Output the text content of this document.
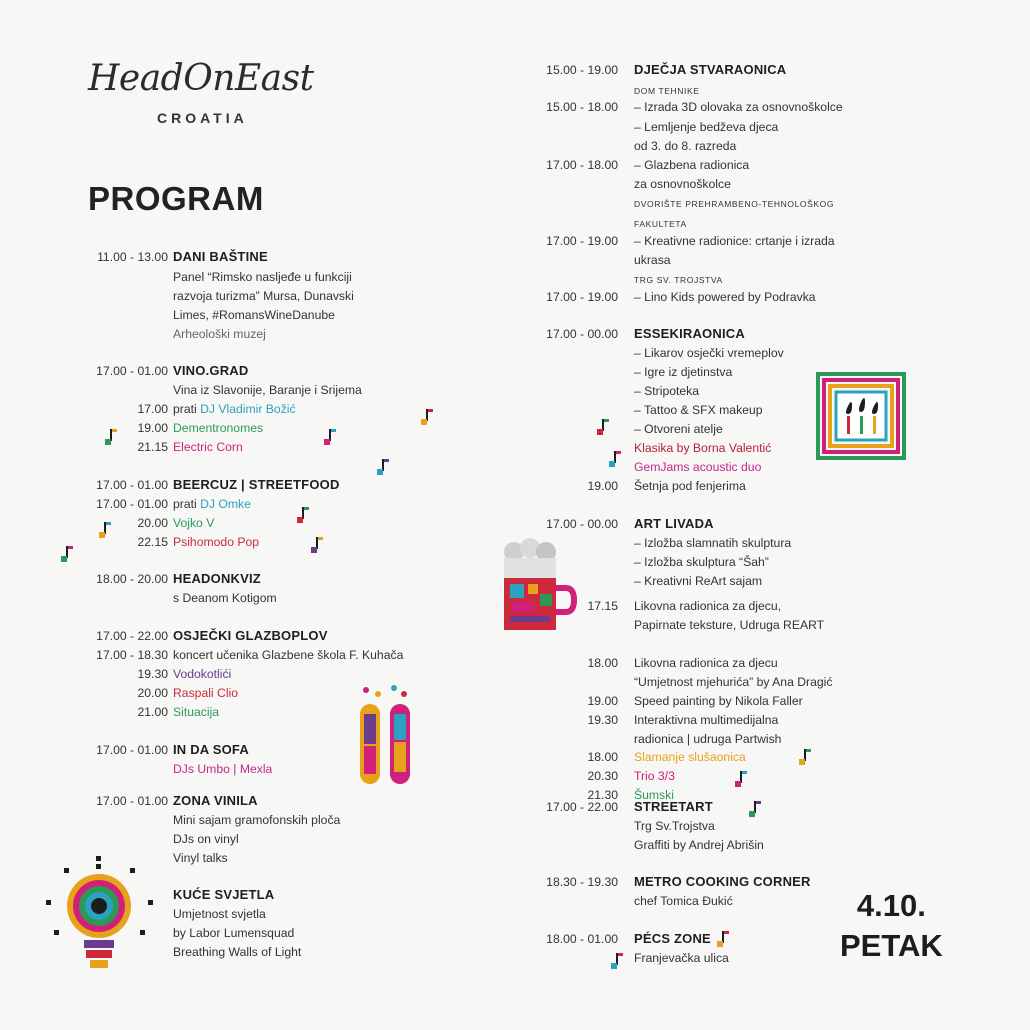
HeadOnEast
CROATIA
PROGRAM
4.10.
PETAK
11.00 - 13.00 DANI BAŠTINE
Panel “Rimsko nasljeđe u funkciji
razvoja turizma” Mursa, Dunavski
Limes, #RomansWineDanube
Arheološki muzej
17.00 - 01.00 VINO.GRAD
Vina iz Slavonije, Baranje i Srijema
17.00 prati DJ Vladimir Božić
19.00 Dementronomes
21.15 Electric Corn
17.00 - 01.00 BEERCUZ | STREETFOOD
17.00 - 01.00 prati DJ Omke
20.00 Vojko V
22.15 Psihomodo Pop
18.00 - 20.00 HEADONKVIZ
s Deanom Kotigom
17.00 - 22.00 OSJEČKI GLAZBOPLOV
17.00 - 18.30 koncert učenika Glazbene škola F. Kuhača
19.30 Vodokotlići
20.00 Raspali Clio
21.00 Situacija
17.00 - 01.00 IN DA SOFA
DJs Umbo | Mexla
17.00 - 01.00 ZONA VINILA
Mini sajam gramofonskih ploča
DJs on vinyl
Vinyl talks
KUĆE SVJETLA
Umjetnost svjetla
by Labor Lumensquad
Breathing Walls of Light
15.00 - 19.00 DJEČJA STVARAONICA
DOM TEHNIKE
15.00 - 18.00 – Izrada 3D olovaka za osnovnoškolce
– Lemljenje bedževa djeca
od 3. do 8. razreda
17.00 - 18.00 – Glazbena radionica
za osnovnoškolce
DVORIŠTE PREHRAMBENO-TEHNOLOŠKOG
FAKULTETA
17.00 - 19.00 – Kreativne radionice: crtanje i izrada
ukrasa
TRG SV. TROJSTVA
17.00 - 19.00 – Lino Kids powered by Podravka
17.00 - 00.00 ESSEKIRAONICA
– Likarov osječki vremeplov
– Igre iz djetinstva
– Stripoteka
– Tattoo & SFX makeup
– Otvoreni atelje
Klasika by Borna Valentić
GemJams acoustic duo
19.00 Šetnja pod fenjerima
17.00 - 00.00 ART LIVADA
– Izložba slamnatih skulptura
– Izložba skulptura “Šah”
– Kreativni ReArt sajam
17.15 Likovna radionica za djecu,
Papirnate teksture, Udruga REART
18.00 Likovna radionica za djecu
“Umjetnost mjehurića” by Ana Dragić
19.00 Speed painting by Nikola Faller
19.30 Interaktivna multimedijalna
radionica | udruga Partwish
18.00 Slamanje slušaonica
20.30 Trio 3/3
21.30 Šumski
17.00 - 22.00 STREETART
Trg Sv.Trojstva
Graffiti by Andrej Abrišin
18.30 - 19.30 METRO COOKING CORNER
chef Tomica Đukić
18.00 - 01.00 PÉCS ZONE
Franjevačka ulica
